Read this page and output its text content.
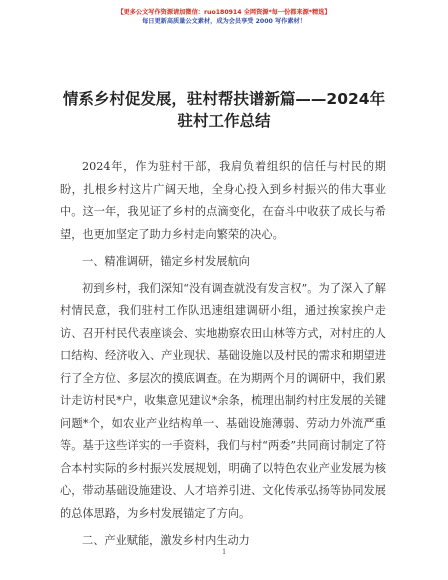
【更多公文写作资源请加微信：ruo180914 全网资源*每一份都来源*精选】
每日更新高质量公文素材，成为会员享受 2000 写作素材！
情系乡村促发展，驻村帮扶谱新篇——2024年驻村工作总结

2024年，作为驻村干部，我肩负着组织的信任与村民的期盼，扎根乡村这片广阔天地，全身心投入到乡村振兴的伟大事业中。这一年，我见证了乡村的点滴变化，在奋斗中收获了成长与希望，也更加坚定了助力乡村走向繁荣的决心。

一、精准调研，锚定乡村发展航向

初到乡村，我们深知“没有调查就没有发言权”。为了深入了解村情民意，我们驻村工作队迅速组建调研小组，通过挨家挨户走访、召开村民代表座谈会、实地勘察农田山林等方式，对村庄的人口结构、经济收入、产业现状、基础设施以及村民的需求和期望进行了全方位、多层次的摸底调查。在为期两个月的调研中，我们累计走访村民*户，收集意见建议*余条，梳理出制约村庄发展的关键问题*个，如农业产业结构单一、基础设施薄弱、劳动力外流严重等。基于这些详实的一手资料，我们与村“两委”共同商讨制定了符合本村实际的乡村振兴发展规划，明确了以特色农业产业发展为核心，带动基础设施建设、人才培养引进、文化传承弘扬等协同发展的总体思路，为乡村发展锚定了方向。

二、产业赋能，激发乡村内生动力

1
